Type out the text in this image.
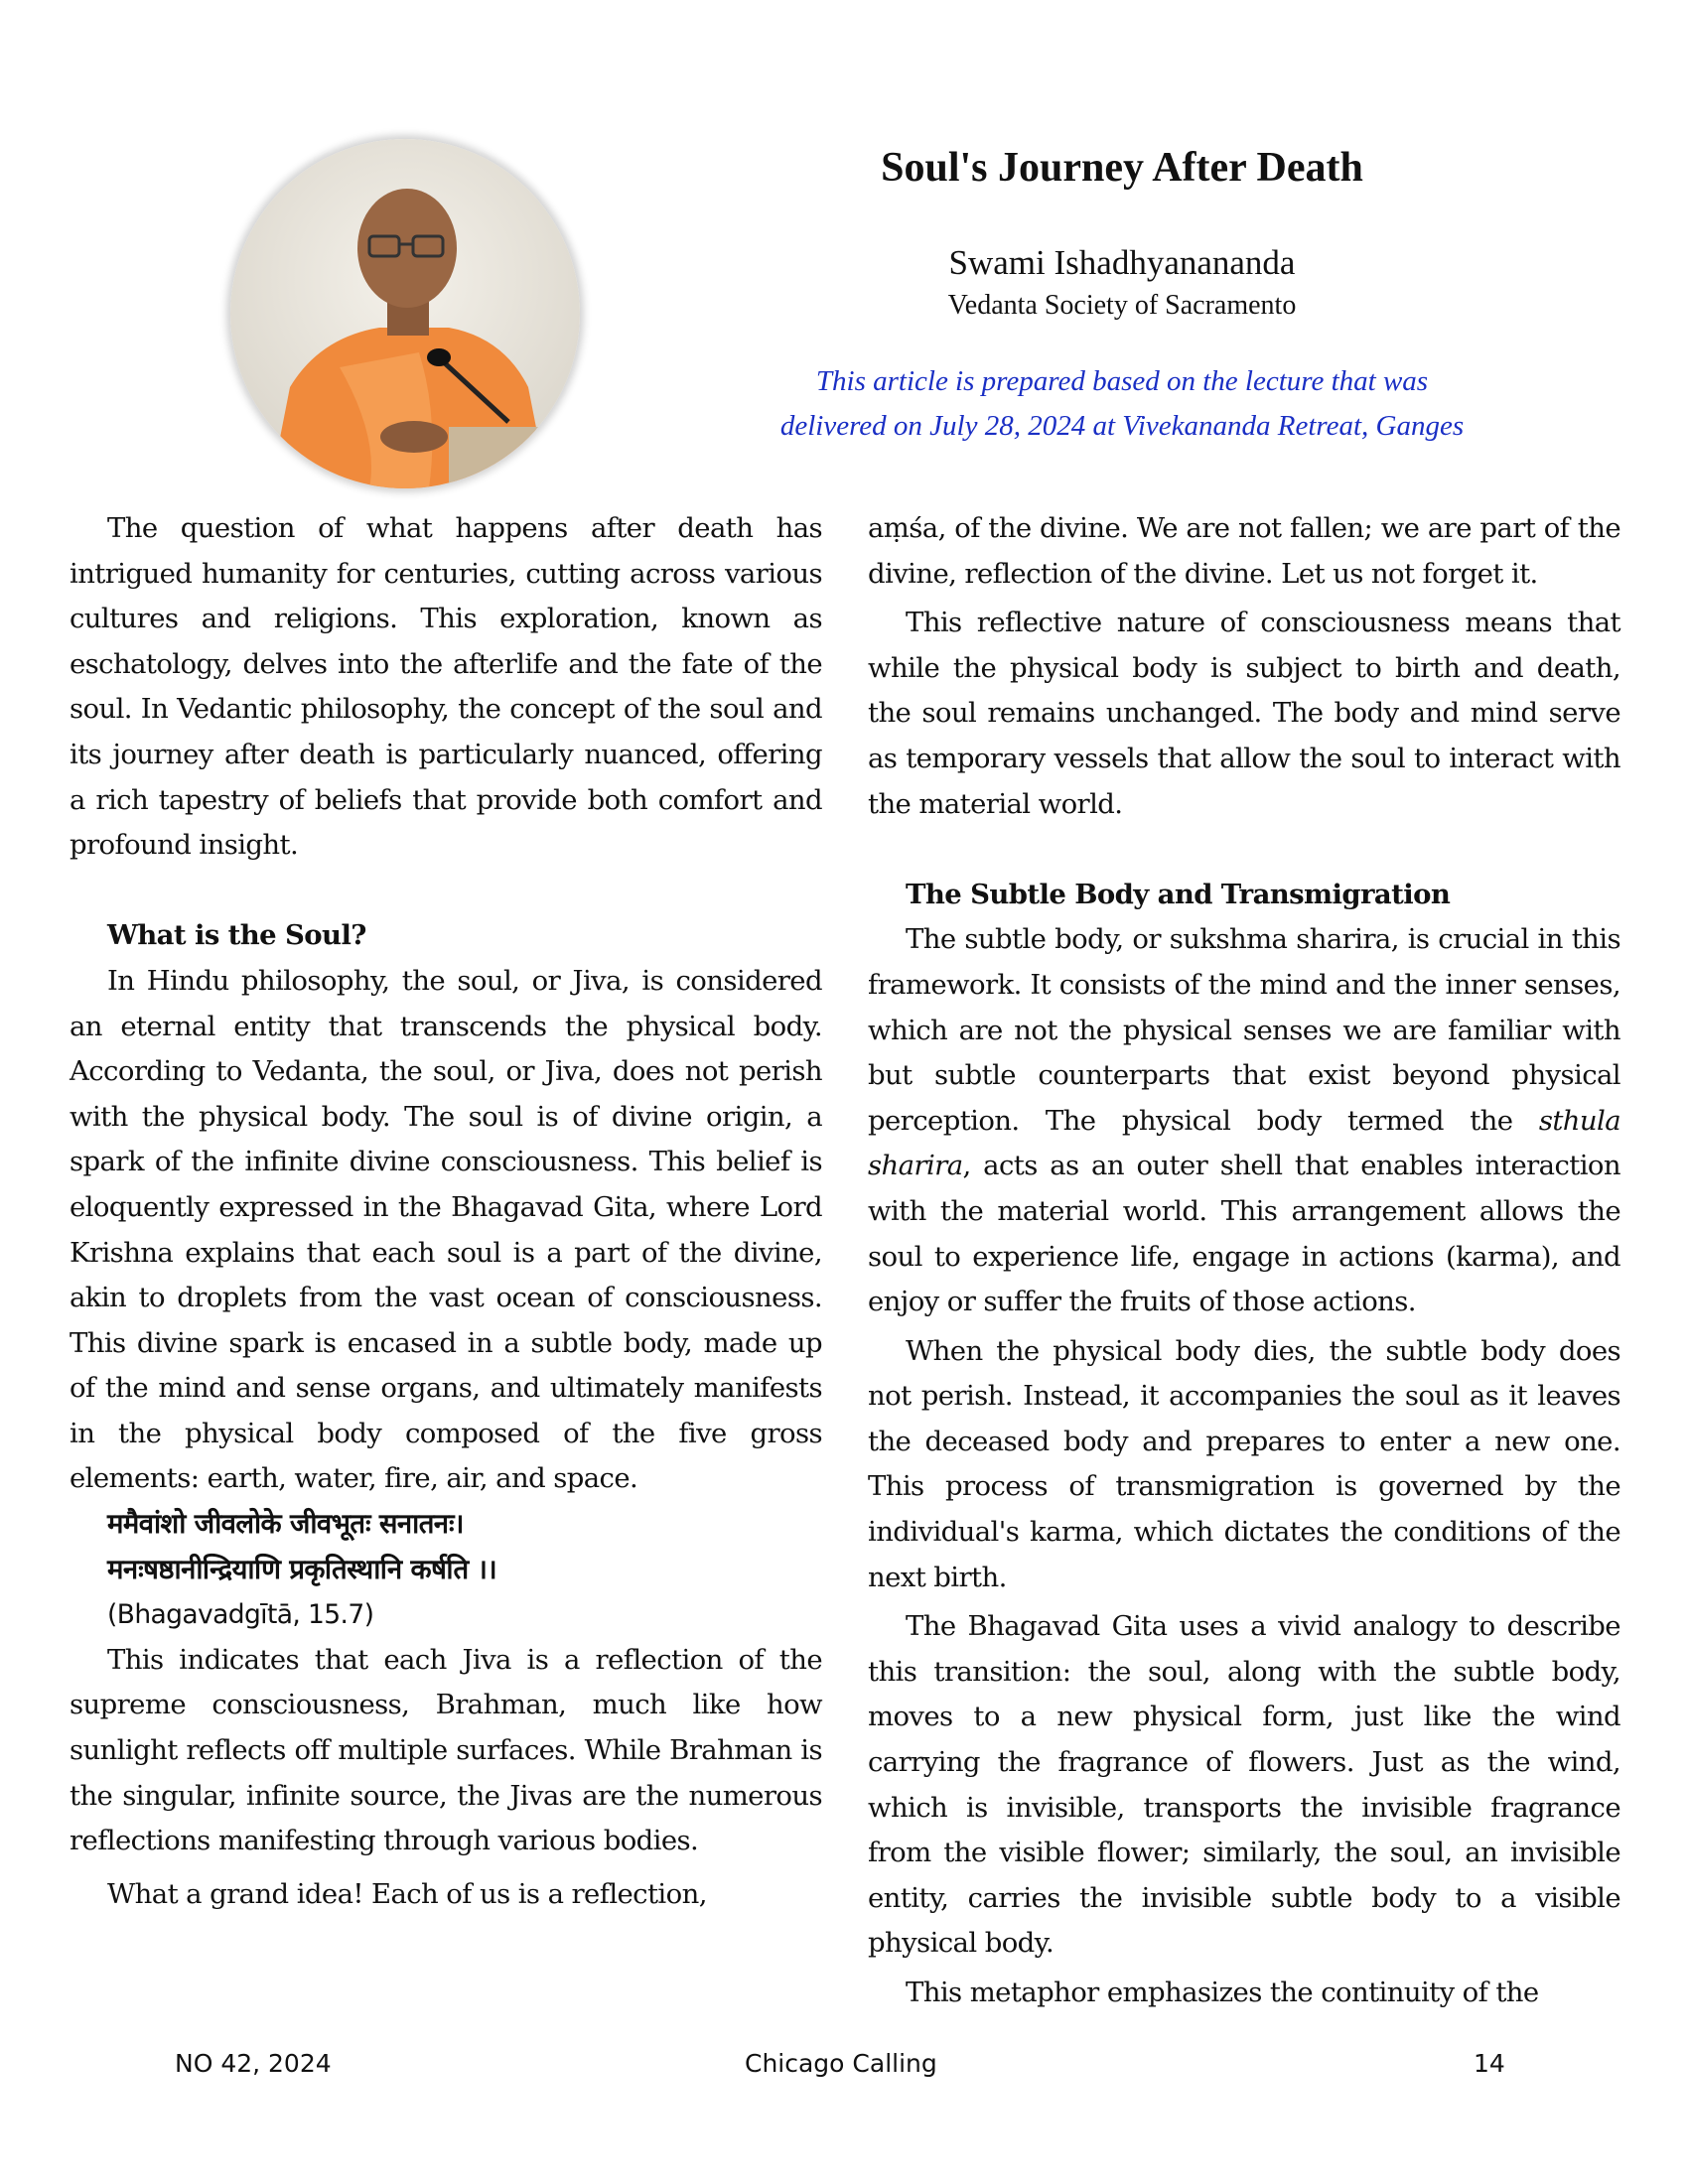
Soul's Journey After Death
Swami Ishadhyanananda
Vedanta Society of Sacramento
This article is prepared based on the lecture that was
delivered on July 28, 2024 at Vivekananda Retreat, Ganges

The question of what happens after death has intrigued humanity for centuries, cutting across various cultures and religions. This exploration, known as eschatology, delves into the afterlife and the fate of the soul. In Vedantic philosophy, the concept of the soul and its journey after death is particularly nuanced, offering a rich tapestry of beliefs that provide both comfort and profound insight.

What is the Soul?

In Hindu philosophy, the soul, or Jiva, is considered an eternal entity that transcends the physical body. According to Vedanta, the soul, or Jiva, does not perish with the physical body. The soul is of divine origin, a spark of the infinite divine consciousness. This belief is eloquently expressed in the Bhagavad Gita, where Lord Krishna explains that each soul is a part of the divine, akin to droplets from the vast ocean of consciousness. This divine spark is encased in a subtle body, made up of the mind and sense organs, and ultimately manifests in the physical body composed of the five gross elements: earth, water, fire, air, and space.

ममैवांशो जीवलोके जीवभूतः सनातनः।
मनःषष्ठानीन्द्रियाणि प्रकृतिस्थानि कर्षति ।।
(Bhagavadgītā, 15.7)

This indicates that each Jiva is a reflection of the supreme consciousness, Brahman, much like how sunlight reflects off multiple surfaces. While Brahman is the singular, infinite source, the Jivas are the numerous reflections manifesting through various bodies.

What a grand idea! Each of us is a reflection,

aṃśa, of the divine. We are not fallen; we are part of the divine, reflection of the divine. Let us not forget it.

This reflective nature of consciousness means that while the physical body is subject to birth and death, the soul remains unchanged. The body and mind serve as temporary vessels that allow the soul to interact with the material world.

The Subtle Body and Transmigration

The subtle body, or sukshma sharira, is crucial in this framework. It consists of the mind and the inner senses, which are not the physical senses we are familiar with but subtle counterparts that exist beyond physical perception. The physical body termed the sthula sharira, acts as an outer shell that enables interaction with the material world. This arrangement allows the soul to experience life, engage in actions (karma), and enjoy or suffer the fruits of those actions.

When the physical body dies, the subtle body does not perish. Instead, it accompanies the soul as it leaves the deceased body and prepares to enter a new one. This process of transmigration is governed by the individual's karma, which dictates the conditions of the next birth.

The Bhagavad Gita uses a vivid analogy to describe this transition: the soul, along with the subtle body, moves to a new physical form, just like the wind carrying the fragrance of flowers. Just as the wind, which is invisible, transports the invisible fragrance from the visible flower; similarly, the soul, an invisible entity, carries the invisible subtle body to a visible physical body.

This metaphor emphasizes the continuity of the

NO 42, 2024	Chicago Calling	14
